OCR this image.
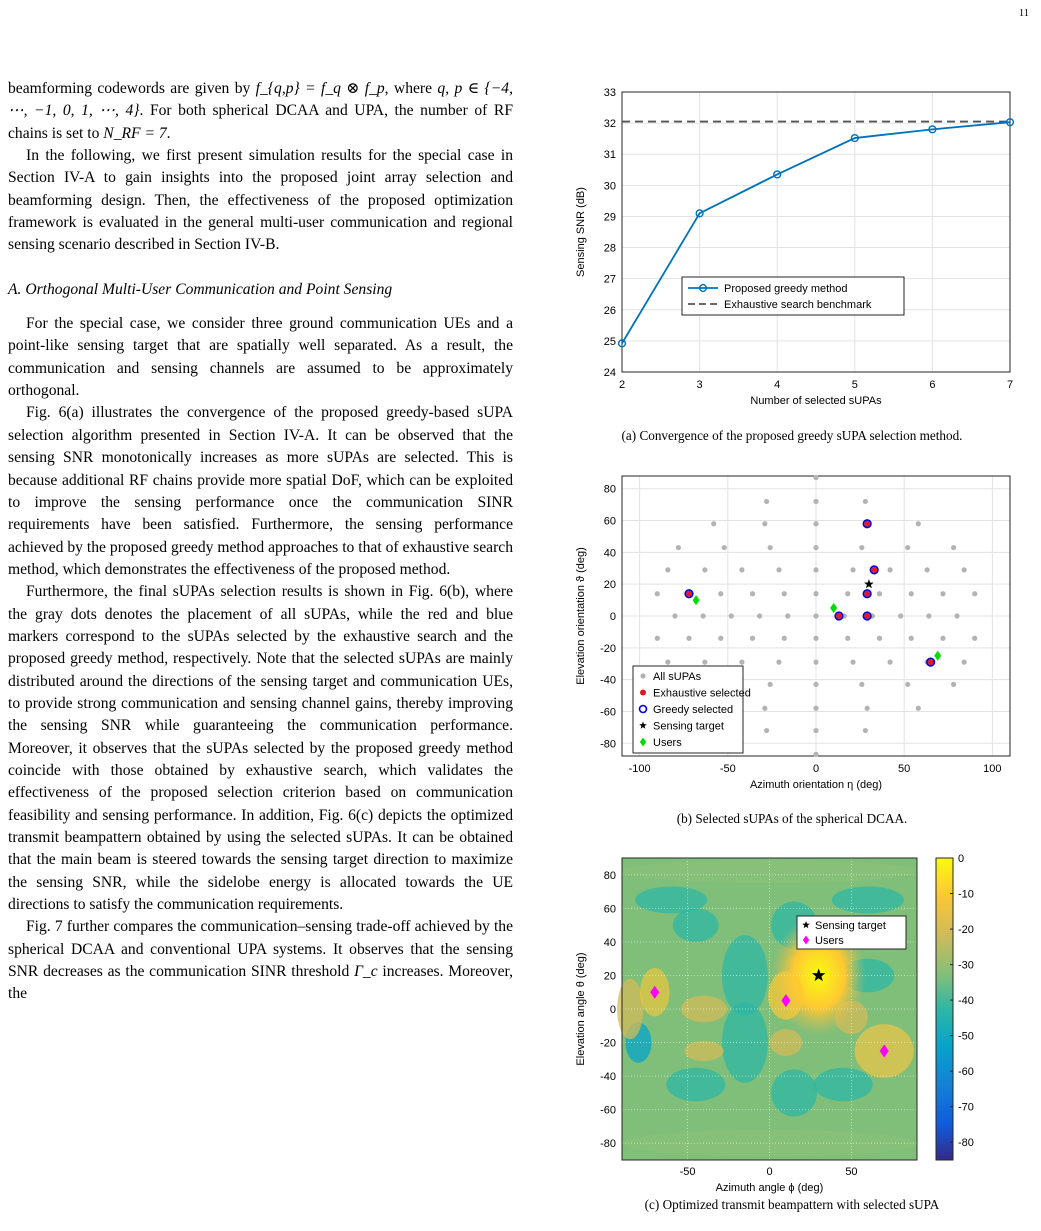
11

beamforming codewords are given by f_{q,p} = f_q ⊗ f_p, where q, p ∈ {−4, ⋯, −1, 0, 1, ⋯, 4}. For both spherical DCAA and UPA, the number of RF chains is set to N_RF = 7.

In the following, we first present simulation results for the special case in Section IV-A to gain insights into the proposed joint array selection and beamforming design. Then, the effectiveness of the proposed optimization framework is evaluated in the general multi-user communication and regional sensing scenario described in Section IV-B.

A. Orthogonal Multi-User Communication and Point Sensing

For the special case, we consider three ground communication UEs and a point-like sensing target that are spatially well separated. As a result, the communication and sensing channels are assumed to be approximately orthogonal.

Fig. 6(a) illustrates the convergence of the proposed greedy-based sUPA selection algorithm presented in Section IV-A. It can be observed that the sensing SNR monotonically increases as more sUPAs are selected. This is because additional RF chains provide more spatial DoF, which can be exploited to improve the sensing performance once the communication SINR requirements have been satisfied. Furthermore, the sensing performance achieved by the proposed greedy method approaches to that of exhaustive search method, which demonstrates the effectiveness of the proposed method.

Furthermore, the final sUPAs selection results is shown in Fig. 6(b), where the gray dots denotes the placement of all sUPAs, while the red and blue markers correspond to the sUPAs selected by the exhaustive search and the proposed greedy method, respectively. Note that the selected sUPAs are mainly distributed around the directions of the sensing target and communication UEs, to provide strong communication and sensing channel gains, thereby improving the sensing SNR while guaranteeing the communication performance. Moreover, it observes that the sUPAs selected by the proposed greedy method coincide with those obtained by exhaustive search, which validates the effectiveness of the proposed selection criterion based on communication feasibility and sensing performance. In addition, Fig. 6(c) depicts the optimized transmit beampattern obtained by using the selected sUPAs. It can be obtained that the main beam is steered towards the sensing target direction to maximize the sensing SNR, while the sidelobe energy is allocated towards the UE directions to satisfy the communication requirements.

Fig. 7 further compares the communication–sensing trade-off achieved by the spherical DCAA and conventional UPA systems. It observes that the sensing SNR decreases as the communication SINR threshold Γ_c increases. Moreover, the

2	3	4	5	6	7
24
25
26
27
28
29
30
31
32
33
Number of selected sUPAs
Sensing SNR (dB)
Proposed greedy method
Exhaustive search benchmark
(a) Convergence of the proposed greedy sUPA selection method.
-100	-50	0	50	100
-80
-60
-40
-20
0
20
40
60
80
Azimuth orientation η (deg)
Elevation orientation ϑ (deg)	All sUPAs
Exhaustive selected
Greedy selected
Sensing target
Users
(b) Selected sUPAs of the spherical DCAA.
-50	0	50
-80
-60
-40
-20
0
20
40
60
80
Azimuth angle ϕ (deg)
Elevation angle θ (deg)
Sensing target
Users
0
-10
-20
-30
-40
-50
-60
-70
-80
(c) Optimized transmit beampattern with selected sUPA
